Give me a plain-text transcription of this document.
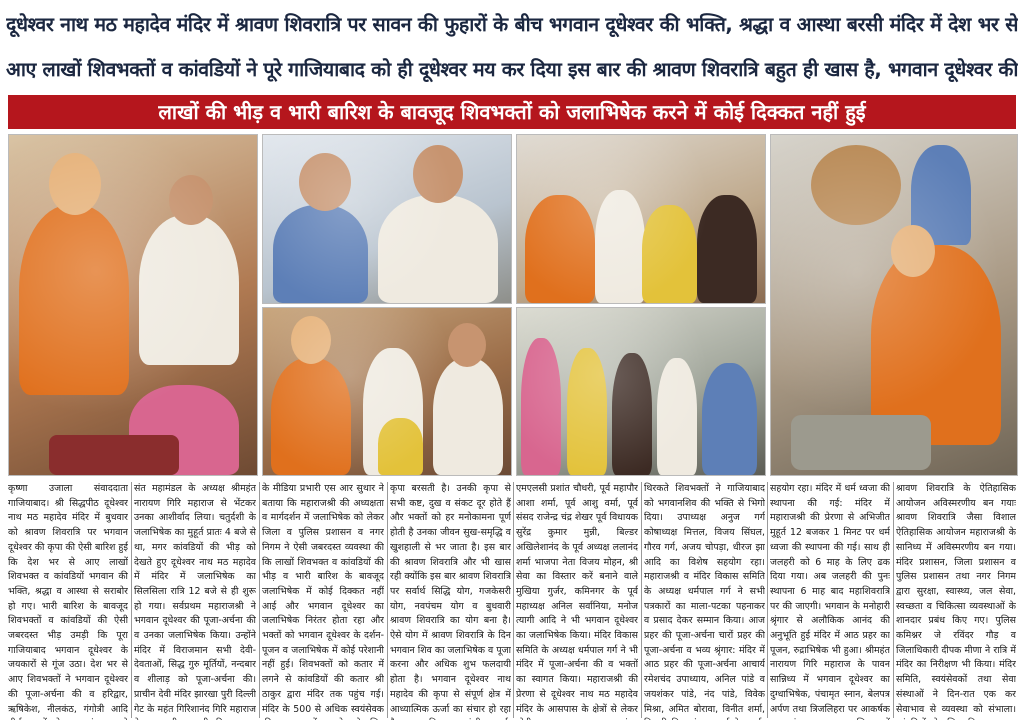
दूधेश्वर नाथ मठ महादेव मंदिर में श्रावण शिवरात्रि पर सावन की फुहारों के बीच भगवान दूधेश्वर की भक्ति, श्रद्धा व आस्था बरसी मंदिर में देश भर से आए लाखों शिवभक्तों व कांवडियों ने पूरे गाजियाबाद को ही दूधेश्वर मय कर दिया इस बार की श्रावण शिवरात्रि बहुत ही खास है, भगवान दूधेश्वर की
लाखों की भीड़ व भारी बारिश के बावजूद शिवभक्तों को जलाभिषेक करने में कोई दिक्कत नहीं हुई

कृष्णा उजाला संवाददाता गाजियाबाद। श्री सिद्धपीठ दूधेश्वर नाथ मठ महादेव मंदिर में बुधवार को श्रावण शिवरात्रि पर भगवान दूधेश्वर की कृपा की ऐसी बारिश हुई कि देश भर से आए लाखों शिवभक्त व कांवडियों भगवान की भक्ति, श्रद्धा व आस्था से सराबोर हो गए। भारी बारिश के बावजूद शिवभक्तों व कांवडियों की ऐसी जबरदस्त भीड़ उमड़ी कि पूरा गाजियाबाद भगवान दूधेश्वर के जयकारों से गूंज उठा। देश भर से आए शिवभक्तों ने भगवान दूधेश्वर की पूजा-अर्चना की व हरिद्वार, ऋषिकेश, नीलकंठ, गंगोत्री आदि

संत महामंडल के अध्यक्ष श्रीमहंत नारायण गिरि महाराज से भेंटकर उनका आशीर्वाद लिया। चतुर्दशी के जलाभिषेक का मुहूर्त प्रातः 4 बजे से था, मगर कांवडियों की भीड़ को देखते हुए दूधेश्वर नाथ मठ महादेव में मंदिर में जलाभिषेक का सिलसिला रात्रि 12 बजे से ही शुरू हो गया। सर्वप्रथम महाराजश्री ने भगवान दूधेश्वर की पूजा-अर्चना की व उनका जलाभिषेक किया। उन्होंने मंदिर में विराजमान सभी देवी-देवताओं, सिद्ध गुरु मूर्तियों, नन्दबार व शीलाड़ को पूजा-अर्चना की। प्राचीन देवी मंदिर झारखा पुरी दिल्ली गेट के महंत गिरिशानंद गिरि महाराज

के मीडिया प्रभारी एस आर सुथार ने बताया कि महाराजश्री की अध्यक्षता व मार्गदर्शन में जलाभिषेक को लेकर जिला व पुलिस प्रशासन व नगर निगम ने ऐसी जबरदस्त व्यवस्था की कि लाखों शिवभक्त व कांवडियों की भीड़ व भारी बारिश के बावजूद जलाभिषेक में कोई दिक्कत नहीं आई और भगवान दूधेश्वर का जलाभिषेक निरंतर होता रहा और भक्तों को भगवान दूधेश्वर के दर्शन-पूजन व जलाभिषेक में कोई परेशानी नहीं हुई। शिवभक्तों को कतार में लगने से कांवडियों की कतार श्री ठाकुर द्वारा मंदिर तक पहुंच गई। मंदिर के 500 से अधिक स्वयंसेवक

कृपा बरसती है। उनकी कृपा से सभी कष्ट, दुख व संकट दूर होते हैं और भक्तों को हर मनोकामना पूर्ण होती है उनका जीवन सुख-समृद्धि व खुशहाली से भर जाता है। इस बार की श्रावण शिवरात्रि और भी खास रही क्योंकि इस बार श्रावण शिवरात्रि पर सर्वार्थ सिद्धि योग, गजकेसरी योग, नवपंचम योग व बुधवारी श्रावण शिवरात्रि का योग बना है। ऐसे योग में श्रावण शिवरात्रि के दिन भगवान शिव का जलाभिषेक व पूजा करना और अधिक शुभ फलदायी होता है। भगवान दूधेश्वर नाथ महादेव की कृपा से संपूर्ण क्षेत्र में आध्यात्मिक ऊर्जा का संचार हो रहा

एमएलसी प्रशांत चौधरी, पूर्व महापौर आशा शर्मा, पूर्व आशु वर्मा, पूर्व संसद राजेन्द्र चंद्र शेखर पूर्व विधायक सुरेंद्र कुमार मुन्नी, बिल्डर अखिलेशानंद के पूर्व अध्यक्ष ललानंद शर्मा भाजपा नेता विजय मोहन, श्री सेवा का विस्तार करें बनाने वाले मुखिया गुर्जर, कमिनगर के पूर्व महाध्यक्ष अनिल सर्वानिया, मनोज त्यागी आदि ने भी भगवान दूधेश्वर का जलाभिषेक किया। मंदिर विकास समिति के अध्यक्ष धर्मपाल गर्ग ने भी मंदिर में पूजा-अर्चना की व भक्तों का स्वागत किया। महाराजश्री की प्रेरणा से दूधेश्वर नाथ मठ महादेव मंदिर के आसपास के क्षेत्रों से लेकर

थिरकते शिवभक्तों ने गाजियाबाद को भगवानशिव की भक्ति से भिगो दिया। उपाध्यक्ष अनुज गर्ग कोषाध्यक्ष मित्तल, विजय सिंघल, गौरव गर्ग, अजय चोपड़ा, धीरज झा आदि का विशेष सहयोग रहा। महाराजश्री व मंदिर विकास समिति के अध्यक्ष धर्मपाल गर्ग ने सभी पत्रकारों का माला-पटका पहनाकर व प्रसाद देकर सम्मान किया। आज प्रहर की पूजा-अर्चना चारों प्रहर की पूजा-अर्चना व भव्य श्रृंगार: मंदिर में आठ प्रहर की पूजा-अर्चना आचार्य रमेशचंद उपाध्याय, अनिल पांडे व जयशंकर पांडे, नंद पांडे, विवेक मिश्रा, अमित बोरावा, विनीत शर्मा,

सहयोग रहा। मंदिर में धर्म ध्वजा की स्थापना की गई: मंदिर में महाराजश्री की प्रेरणा से अभिजीत मुहूर्त 12 बजकर 1 मिनट पर धर्म ध्वजा की स्थापना की गई। साथ ही जलहरी को 6 माह के लिए ढक दिया गया। अब जलहरी की पुनः स्थापना 6 माह बाद महाशिवरात्रि पर की जाएगी। भगवान के मनोहारी श्रृंगार से अलौकिक आनंद की अनुभूति हुई मंदिर में आठ प्रहर का पूजन, रुद्राभिषेक भी हुआ। श्रीमहंत नारायण गिरि महाराज के पावन सान्निध्य में भगवान दूधेश्वर का दुग्धाभिषेक, पंचामृत स्नान, बेलपत्र अर्पण तथा त्रिजलिहरा पर आकर्षक

श्रावण शिवरात्रि के ऐतिहासिक आयोजन अविस्मरणीय बन गयाः श्रावण शिवरात्रि जैसा विशाल ऐतिहासिक आयोजन महाराजश्री के सानिध्य में अविस्मरणीय बन गया। मंदिर प्रशासन, जिला प्रशासन व पुलिस प्रशासन तथा नगर निगम द्वारा सुरक्षा, स्वास्थ्य, जल सेवा, स्वच्छता व चिकित्सा व्यवस्थाओं के शानदार प्रबंध किए गए। पुलिस कमिश्नर जे रविंदर गौड़ व जिलाधिकारी दीपक मीणा ने रात्रि में मंदिर का निरीक्षण भी किया। मंदिर समिति, स्वयंसेवकों तथा सेवा संस्थाओं ने दिन-रात एक कर सेवाभाव से व्यवस्था को संभाला।
